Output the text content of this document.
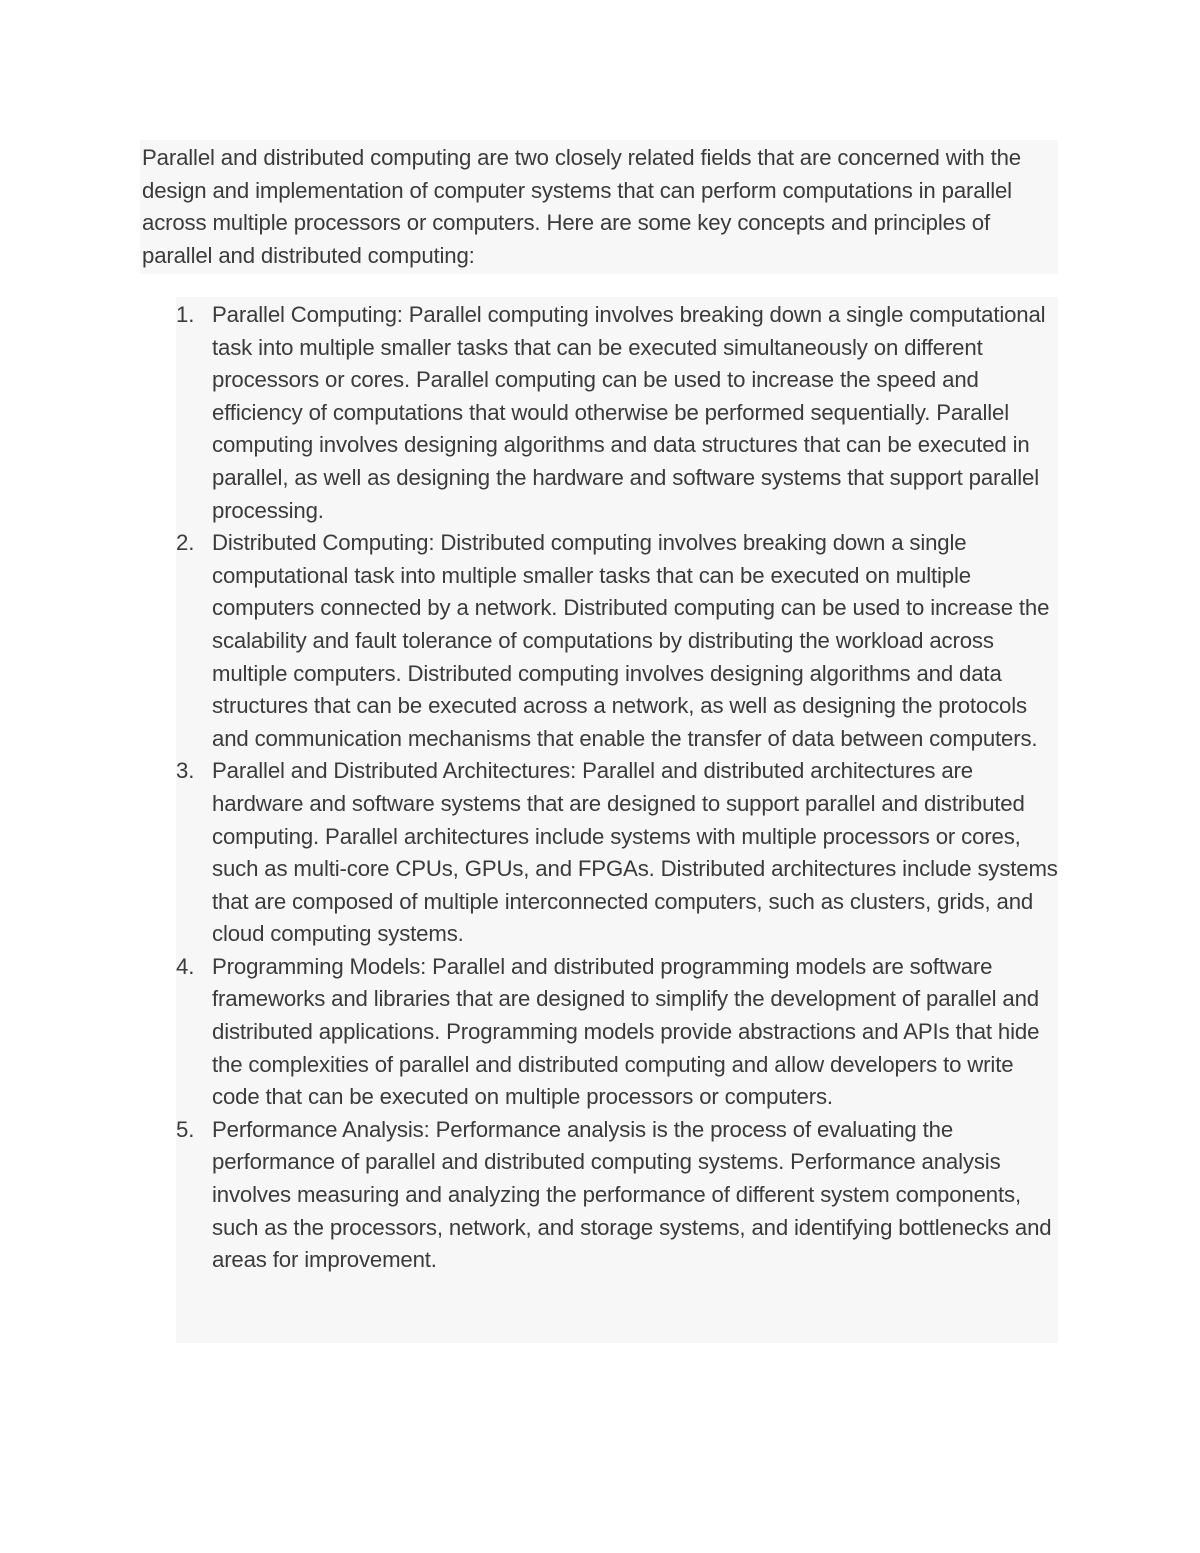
Parallel and distributed computing are two closely related fields that are concerned with the design and implementation of computer systems that can perform computations in parallel across multiple processors or computers. Here are some key concepts and principles of parallel and distributed computing:

1. Parallel Computing: Parallel computing involves breaking down a single computational task into multiple smaller tasks that can be executed simultaneously on different processors or cores. Parallel computing can be used to increase the speed and efficiency of computations that would otherwise be performed sequentially. Parallel computing involves designing algorithms and data structures that can be executed in parallel, as well as designing the hardware and software systems that support parallel processing.
2. Distributed Computing: Distributed computing involves breaking down a single computational task into multiple smaller tasks that can be executed on multiple computers connected by a network. Distributed computing can be used to increase the scalability and fault tolerance of computations by distributing the workload across multiple computers. Distributed computing involves designing algorithms and data structures that can be executed across a network, as well as designing the protocols and communication mechanisms that enable the transfer of data between computers.
3. Parallel and Distributed Architectures: Parallel and distributed architectures are hardware and software systems that are designed to support parallel and distributed computing. Parallel architectures include systems with multiple processors or cores, such as multi-core CPUs, GPUs, and FPGAs. Distributed architectures include systems that are composed of multiple interconnected computers, such as clusters, grids, and cloud computing systems.
4. Programming Models: Parallel and distributed programming models are software frameworks and libraries that are designed to simplify the development of parallel and distributed applications. Programming models provide abstractions and APIs that hide the complexities of parallel and distributed computing and allow developers to write code that can be executed on multiple processors or computers.
5. Performance Analysis: Performance analysis is the process of evaluating the performance of parallel and distributed computing systems. Performance analysis involves measuring and analyzing the performance of different system components, such as the processors, network, and storage systems, and identifying bottlenecks and areas for improvement.
